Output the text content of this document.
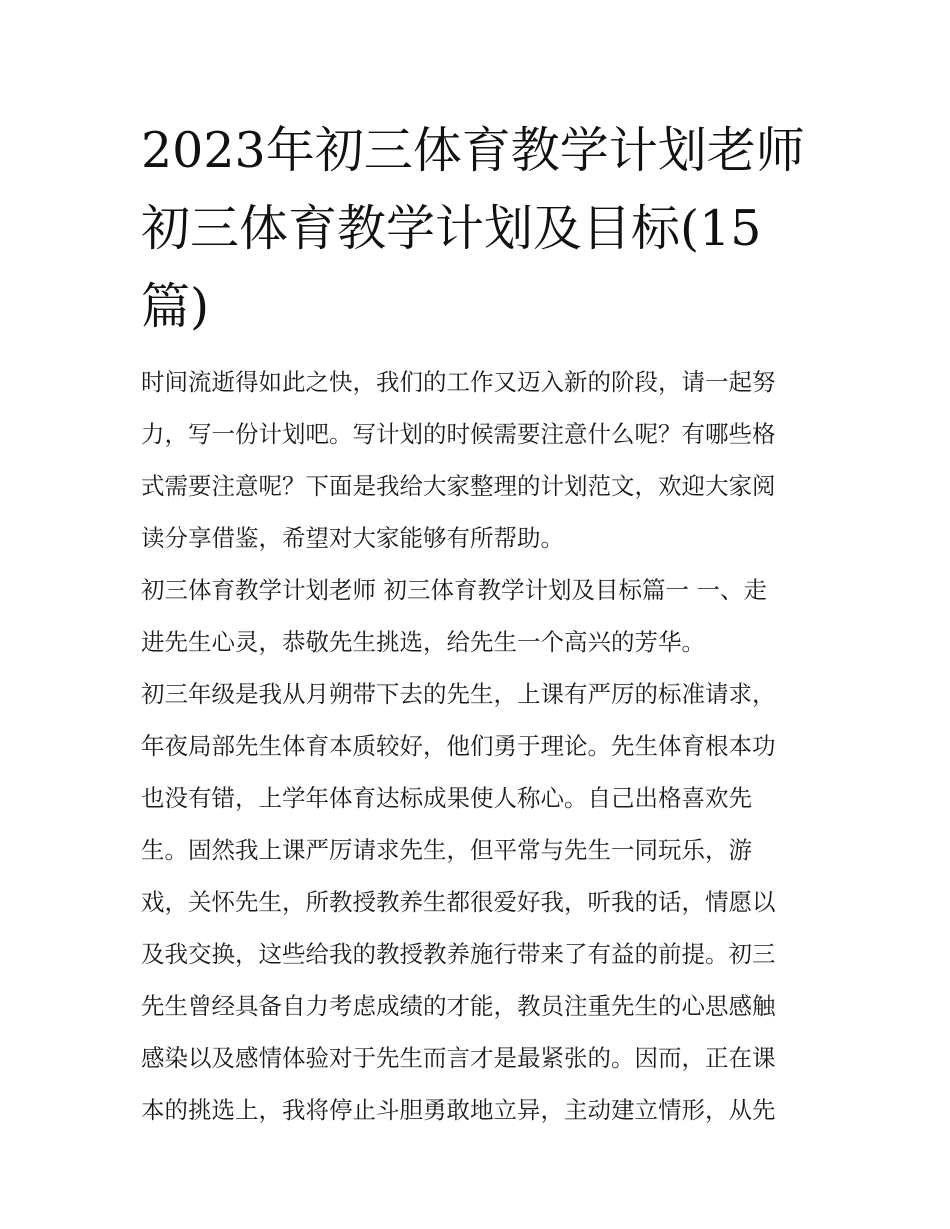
2023年初三体育教学计划老师
初三体育教学计划及目标(15
篇)
时间流逝得如此之快，我们的工作又迈入新的阶段，请一起努
力，写一份计划吧。写计划的时候需要注意什么呢？有哪些格
式需要注意呢？下面是我给大家整理的计划范文，欢迎大家阅
读分享借鉴，希望对大家能够有所帮助。
初三体育教学计划老师 初三体育教学计划及目标篇一 一、走
进先生心灵，恭敬先生挑选，给先生一个高兴的芳华。
初三年级是我从月朔带下去的先生，上课有严厉的标准请求，
年夜局部先生体育本质较好，他们勇于理论。先生体育根本功
也没有错，上学年体育达标成果使人称心。自己出格喜欢先
生。固然我上课严厉请求先生，但平常与先生一同玩乐，游
戏，关怀先生，所教授教养生都很爱好我，听我的话，情愿以
及我交换，这些给我的教授教养施行带来了有益的前提。初三
先生曾经具备自力考虑成绩的才能，教员注重先生的心思感触
感染以及感情体验对于先生而言才是最紧张的。因而，正在课
本的挑选上，我将停止斗胆勇敢地立异，主动建立情形，从先
